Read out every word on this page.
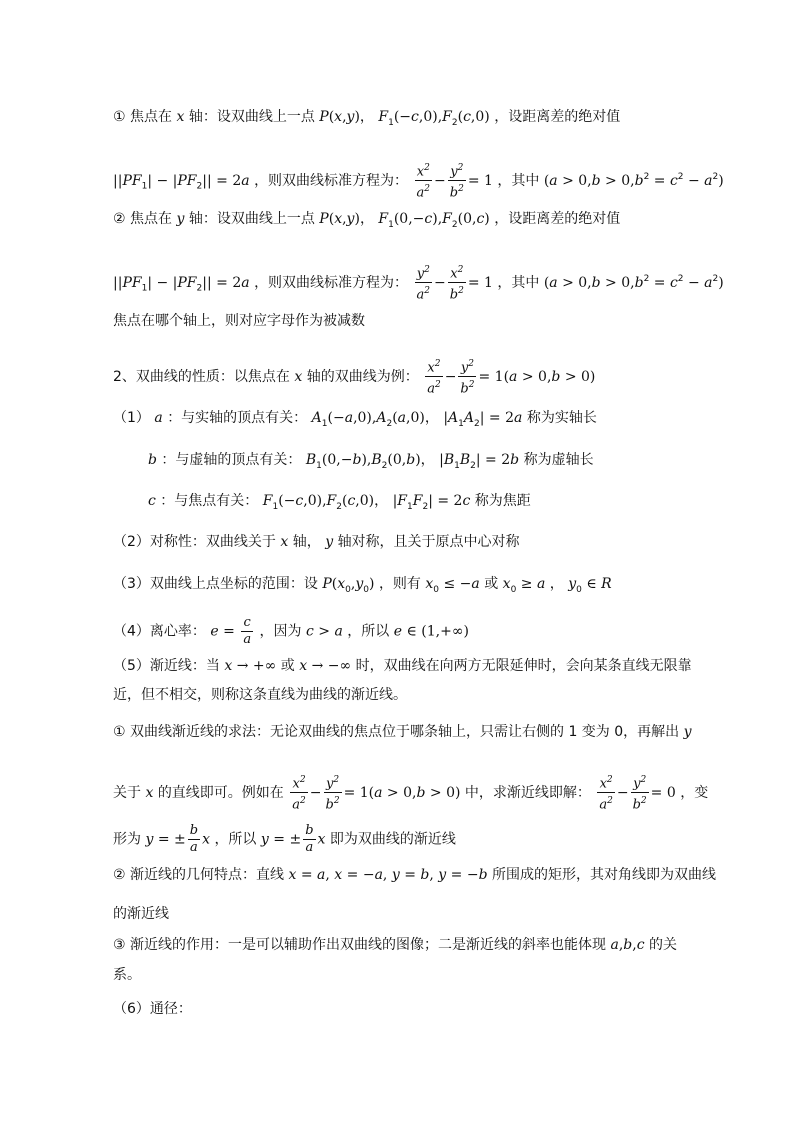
① 焦点在 x 轴：设双曲线上一点 P(x,y)， $F_1(-c,0),F_2(c,0)$ ，设距离差的绝对值
$||PF_1| - |PF_2|| = 2a$ ，则双曲线标准方程为： $\frac{x^2}{a^2} - \frac{y^2}{b^2} = 1$ ，其中 $(a > 0,b > 0,b^2 = c^2 - a^2)$
② 焦点在 y 轴：设双曲线上一点 P(x,y)， $F_1(0,-c),F_2(0,c)$ ，设距离差的绝对值
$||PF_1| - |PF_2|| = 2a$ ，则双曲线标准方程为： $\frac{y^2}{a^2} - \frac{x^2}{b^2} = 1$ ，其中 $(a > 0,b > 0,b^2 = c^2 - a^2)$
焦点在哪个轴上，则对应字母作为被减数
2、双曲线的性质：以焦点在 x 轴的双曲线为例： $\frac{x^2}{a^2} - \frac{y^2}{b^2} = 1(a > 0,b > 0)$
（1） a ：与实轴的顶点有关： $A_1(-a,0),A_2(a,0)$， $|A_1A_2| = 2a$ 称为实轴长
b ：与虚轴的顶点有关： $B_1(0,-b),B_2(0,b)$， $|B_1B_2| = 2b$ 称为虚轴长
c ：与焦点有关： $F_1(-c,0),F_2(c,0)$， $|F_1F_2| = 2c$ 称为焦距
（2）对称性：双曲线关于 x 轴， y 轴对称，且关于原点中心对称
（3）双曲线上点坐标的范围：设 $P(x_0,y_0)$ ，则有 $x_0 \le -a$ 或 $x_0 \ge a$ ， $y_0$ ∈ R
（4）离心率： $e = \frac{c}{a}$ ，因为 c > a ，所以 e ∈ (1,+∞)
（5）渐近线：当 x → +∞ 或 x → −∞ 时，双曲线在向两方无限延伸时，会向某条直线无限靠
近，但不相交，则称这条直线为曲线的渐近线。
① 双曲线渐近线的求法：无论双曲线的焦点位于哪条轴上，只需让右侧的 1 变为 0，再解出 y
关于 x 的直线即可。例如在 $\frac{x^2}{a^2} - \frac{y^2}{b^2} = 1(a > 0,b > 0)$ 中，求渐近线即解： $\frac{x^2}{a^2} - \frac{y^2}{b^2} = 0$ ，变
形为 y = ± $\frac{b}{a}$ x ，所以 y = ± $\frac{b}{a}$ x 即为双曲线的渐近线
② 渐近线的几何特点：直线 x = a, x = −a, y = b, y = −b 所围成的矩形，其对角线即为双曲线
的渐近线
③ 渐近线的作用：一是可以辅助作出双曲线的图像；二是渐近线的斜率也能体现 a,b,c 的关
系。
（6）通径：
